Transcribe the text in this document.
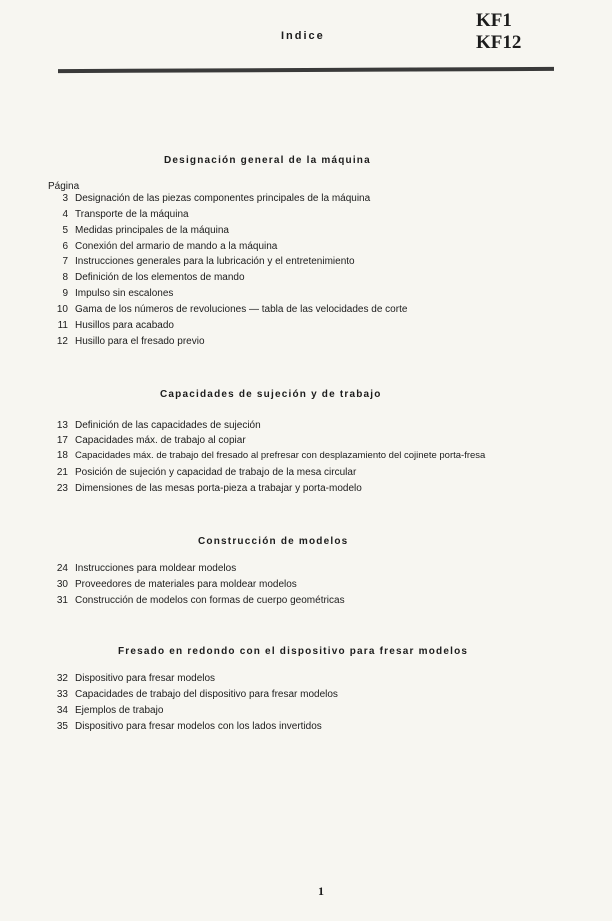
Indice
KF1
KF12
Designación general de la máquina
Página
3 Designación de las piezas componentes principales de la máquina
4 Transporte de la máquina
5 Medidas principales de la máquina
6 Conexión del armario de mando a la máquina
7 Instrucciones generales para la lubricación y el entretenimiento
8 Definición de los elementos de mando
9 Impulso sin escalones
10 Gama de los números de revoluciones — tabla de las velocidades de corte
11 Husillos para acabado
12 Husillo para el fresado previo
Capacidades de sujeción y de trabajo
13 Definición de las capacidades de sujeción
17 Capacidades máx. de trabajo al copiar
18 Capacidades máx. de trabajo del fresado al prefresar con desplazamiento del cojinete porta-fresa
21 Posición de sujeción y capacidad de trabajo de la mesa circular
23 Dimensiones de las mesas porta-pieza a trabajar y porta-modelo
Construcción de modelos
24 Instrucciones para moldear modelos
30 Proveedores de materiales para moldear modelos
31 Construcción de modelos con formas de cuerpo geométricas
Fresado en redondo con el dispositivo para fresar modelos
32 Dispositivo para fresar modelos
33 Capacidades de trabajo del dispositivo para fresar modelos
34 Ejemplos de trabajo
35 Dispositivo para fresar modelos con los lados invertidos
1
